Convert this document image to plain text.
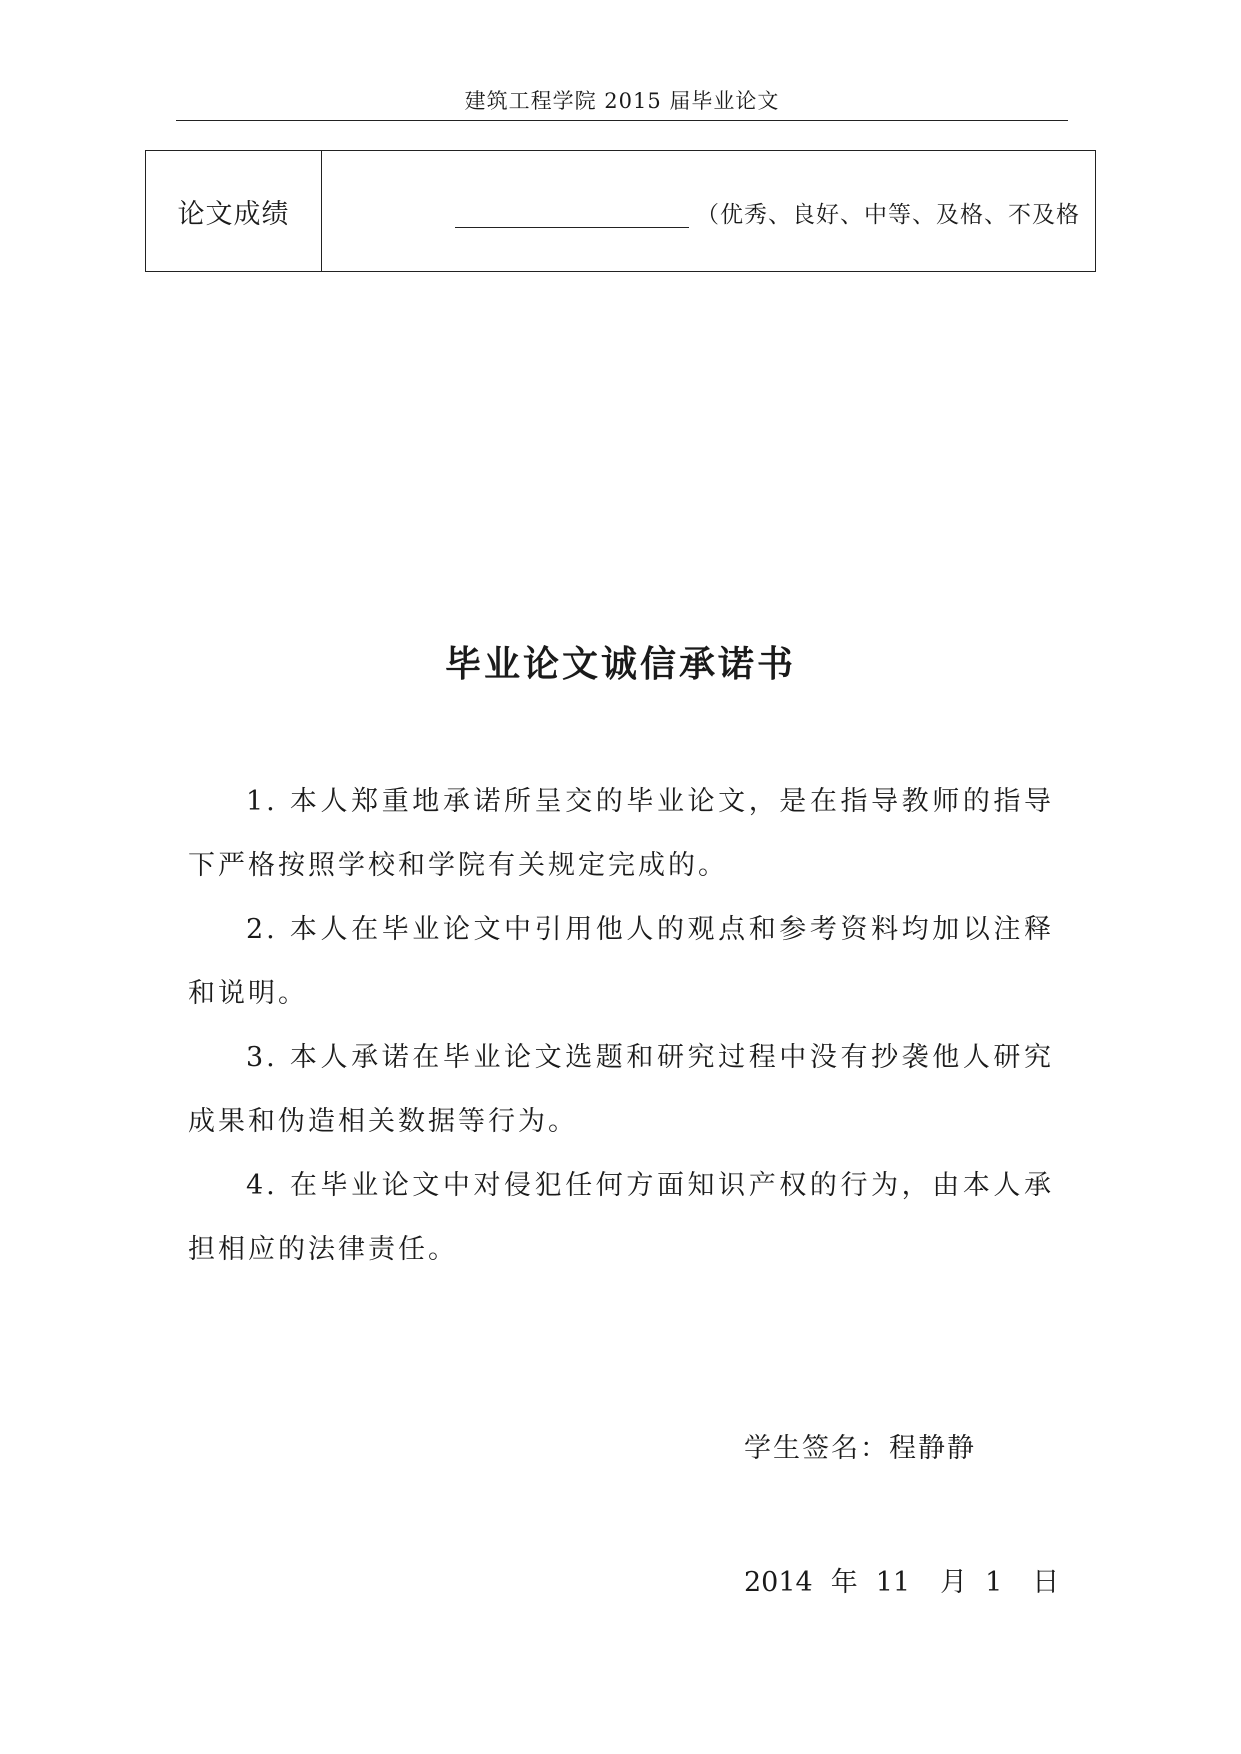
建筑工程学院 2015 届毕业论文
论文成绩	（优秀、良好、中等、及格、不及格
毕业论文诚信承诺书

1. 本人郑重地承诺所呈交的毕业论文，是在指导教师的指导下严格按照学校和学院有关规定完成的。

2. 本人在毕业论文中引用他人的观点和参考资料均加以注释和说明。

3. 本人承诺在毕业论文选题和研究过程中没有抄袭他人研究成果和伪造相关数据等行为。

4. 在毕业论文中对侵犯任何方面知识产权的行为，由本人承担相应的法律责任。

学生签名：程静静
2014 年 11 月 1 日
